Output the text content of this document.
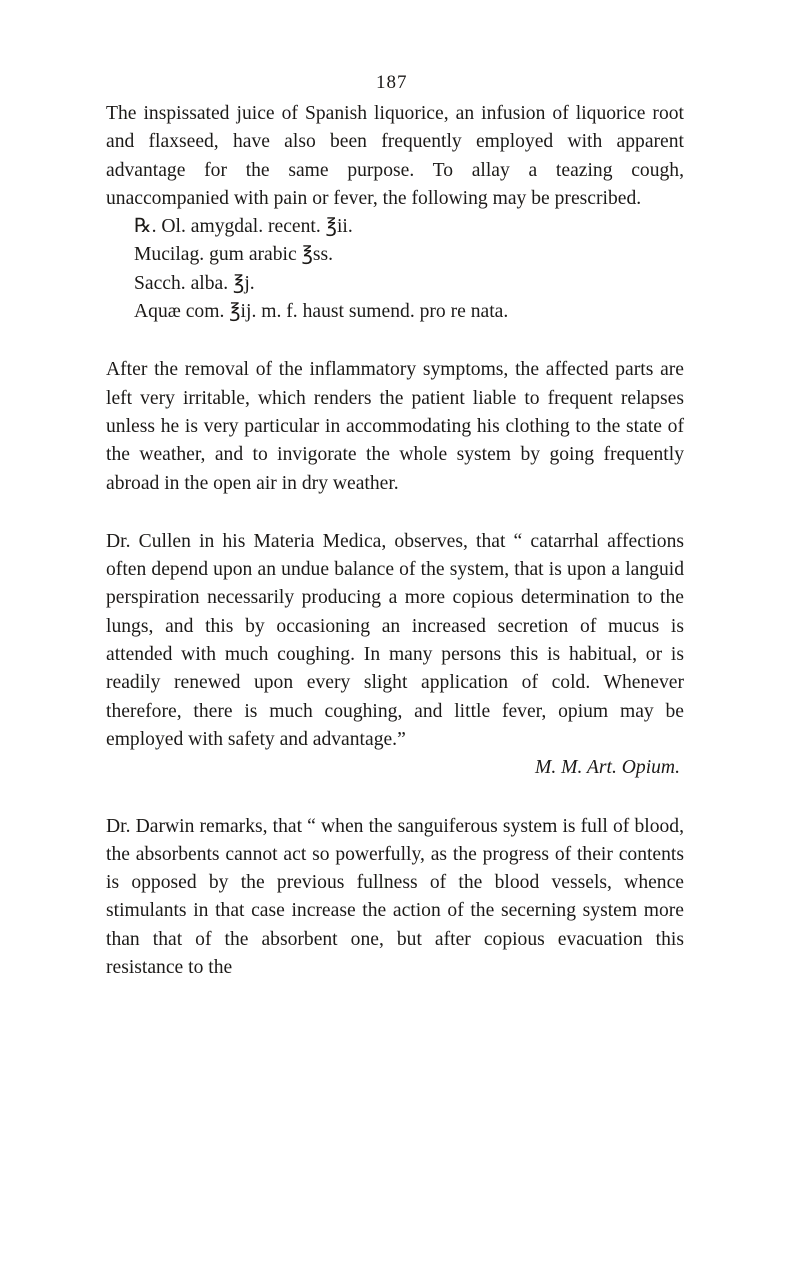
187

The inspissated juice of Spanish liquorice, an infusion of liquorice root and flaxseed, have also been frequently employed with apparent advantage for the same purpose. To allay a teazing cough, unaccompanied with pain or fever, the following may be prescribed.

℞. Ol. amygdal. recent. ℥ii.
Mucilag. gum arabic ℥ss.
Sacch. alba. ℥j.
Aquæ com. ℥ij. m. f. haust sumend. pro re nata.

After the removal of the inflammatory symptoms, the affected parts are left very irritable, which renders the patient liable to frequent relapses unless he is very particular in accommodating his clothing to the state of the weather, and to invigorate the whole system by going frequently abroad in the open air in dry weather.

Dr. Cullen in his Materia Medica, observes, that “ catarrhal affections often depend upon an undue balance of the system, that is upon a languid perspiration necessarily producing a more copious determination to the lungs, and this by occasioning an increased secretion of mucus is attended with much coughing. In many persons this is habitual, or is readily renewed upon every slight application of cold. Whenever therefore, there is much coughing, and little fever, opium may be employed with safety and advantage.”

M. M. Art. Opium.

Dr. Darwin remarks, that “ when the sanguiferous system is full of blood, the absorbents cannot act so powerfully, as the progress of their contents is opposed by the previous fullness of the blood vessels, whence stimulants in that case increase the action of the secerning system more than that of the absorbent one, but after copious evacuation this resistance to the
